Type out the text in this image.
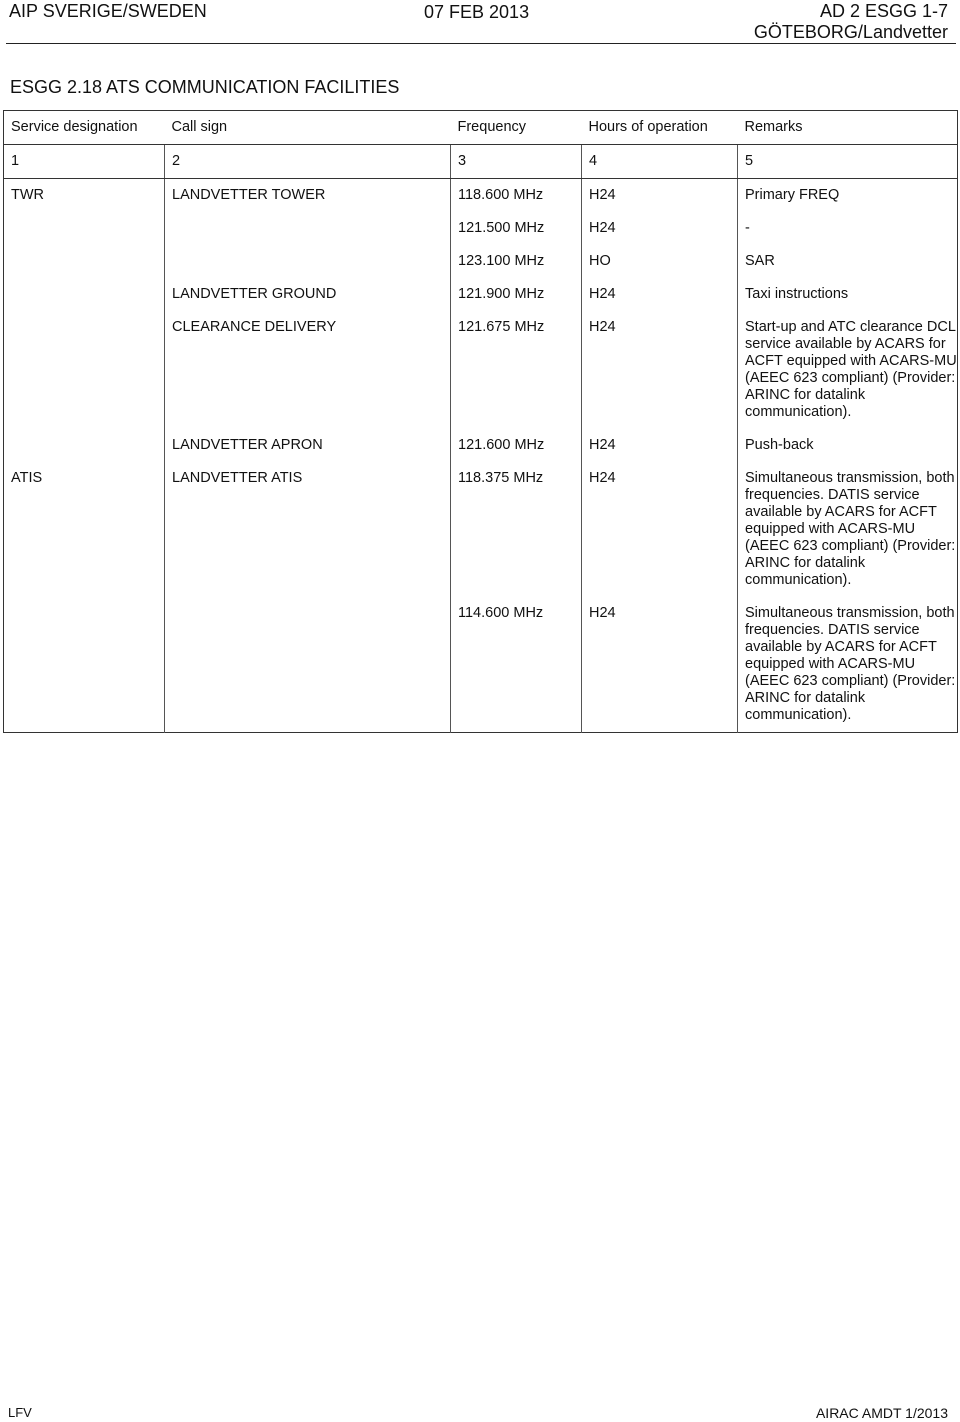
AIP SVERIGE/SWEDEN	07 FEB 2013	AD 2 ESGG 1-7
GÖTEBORG/Landvetter
ESGG 2.18 ATS COMMUNICATION FACILITIES
Service designation	Call sign	Frequency	Hours of operation	Remarks
1	2	3	4	5
TWR	LANDVETTER TOWER	118.600 MHz	H24	Primary FREQ
		121.500 MHz	H24	-
		123.100 MHz	HO	SAR
	LANDVETTER GROUND	121.900 MHz	H24	Taxi instructions
	CLEARANCE DELIVERY	121.675 MHz	H24	Start-up and ATC clearance DCL service available by ACARS for ACFT equipped with ACARS-MU (AEEC 623 compliant) (Provider: ARINC for datalink communication).
	LANDVETTER APRON	121.600 MHz	H24	Push-back
ATIS	LANDVETTER ATIS	118.375 MHz	H24	Simultaneous transmission, both frequencies. DATIS service available by ACARS for ACFT equipped with ACARS-MU (AEEC 623 compliant) (Provider: ARINC for datalink communication).
		114.600 MHz	H24	Simultaneous transmission, both frequencies. DATIS service available by ACARS for ACFT equipped with ACARS-MU (AEEC 623 compliant) (Provider: ARINC for datalink communication).
LFV	AIRAC AMDT 1/2013
